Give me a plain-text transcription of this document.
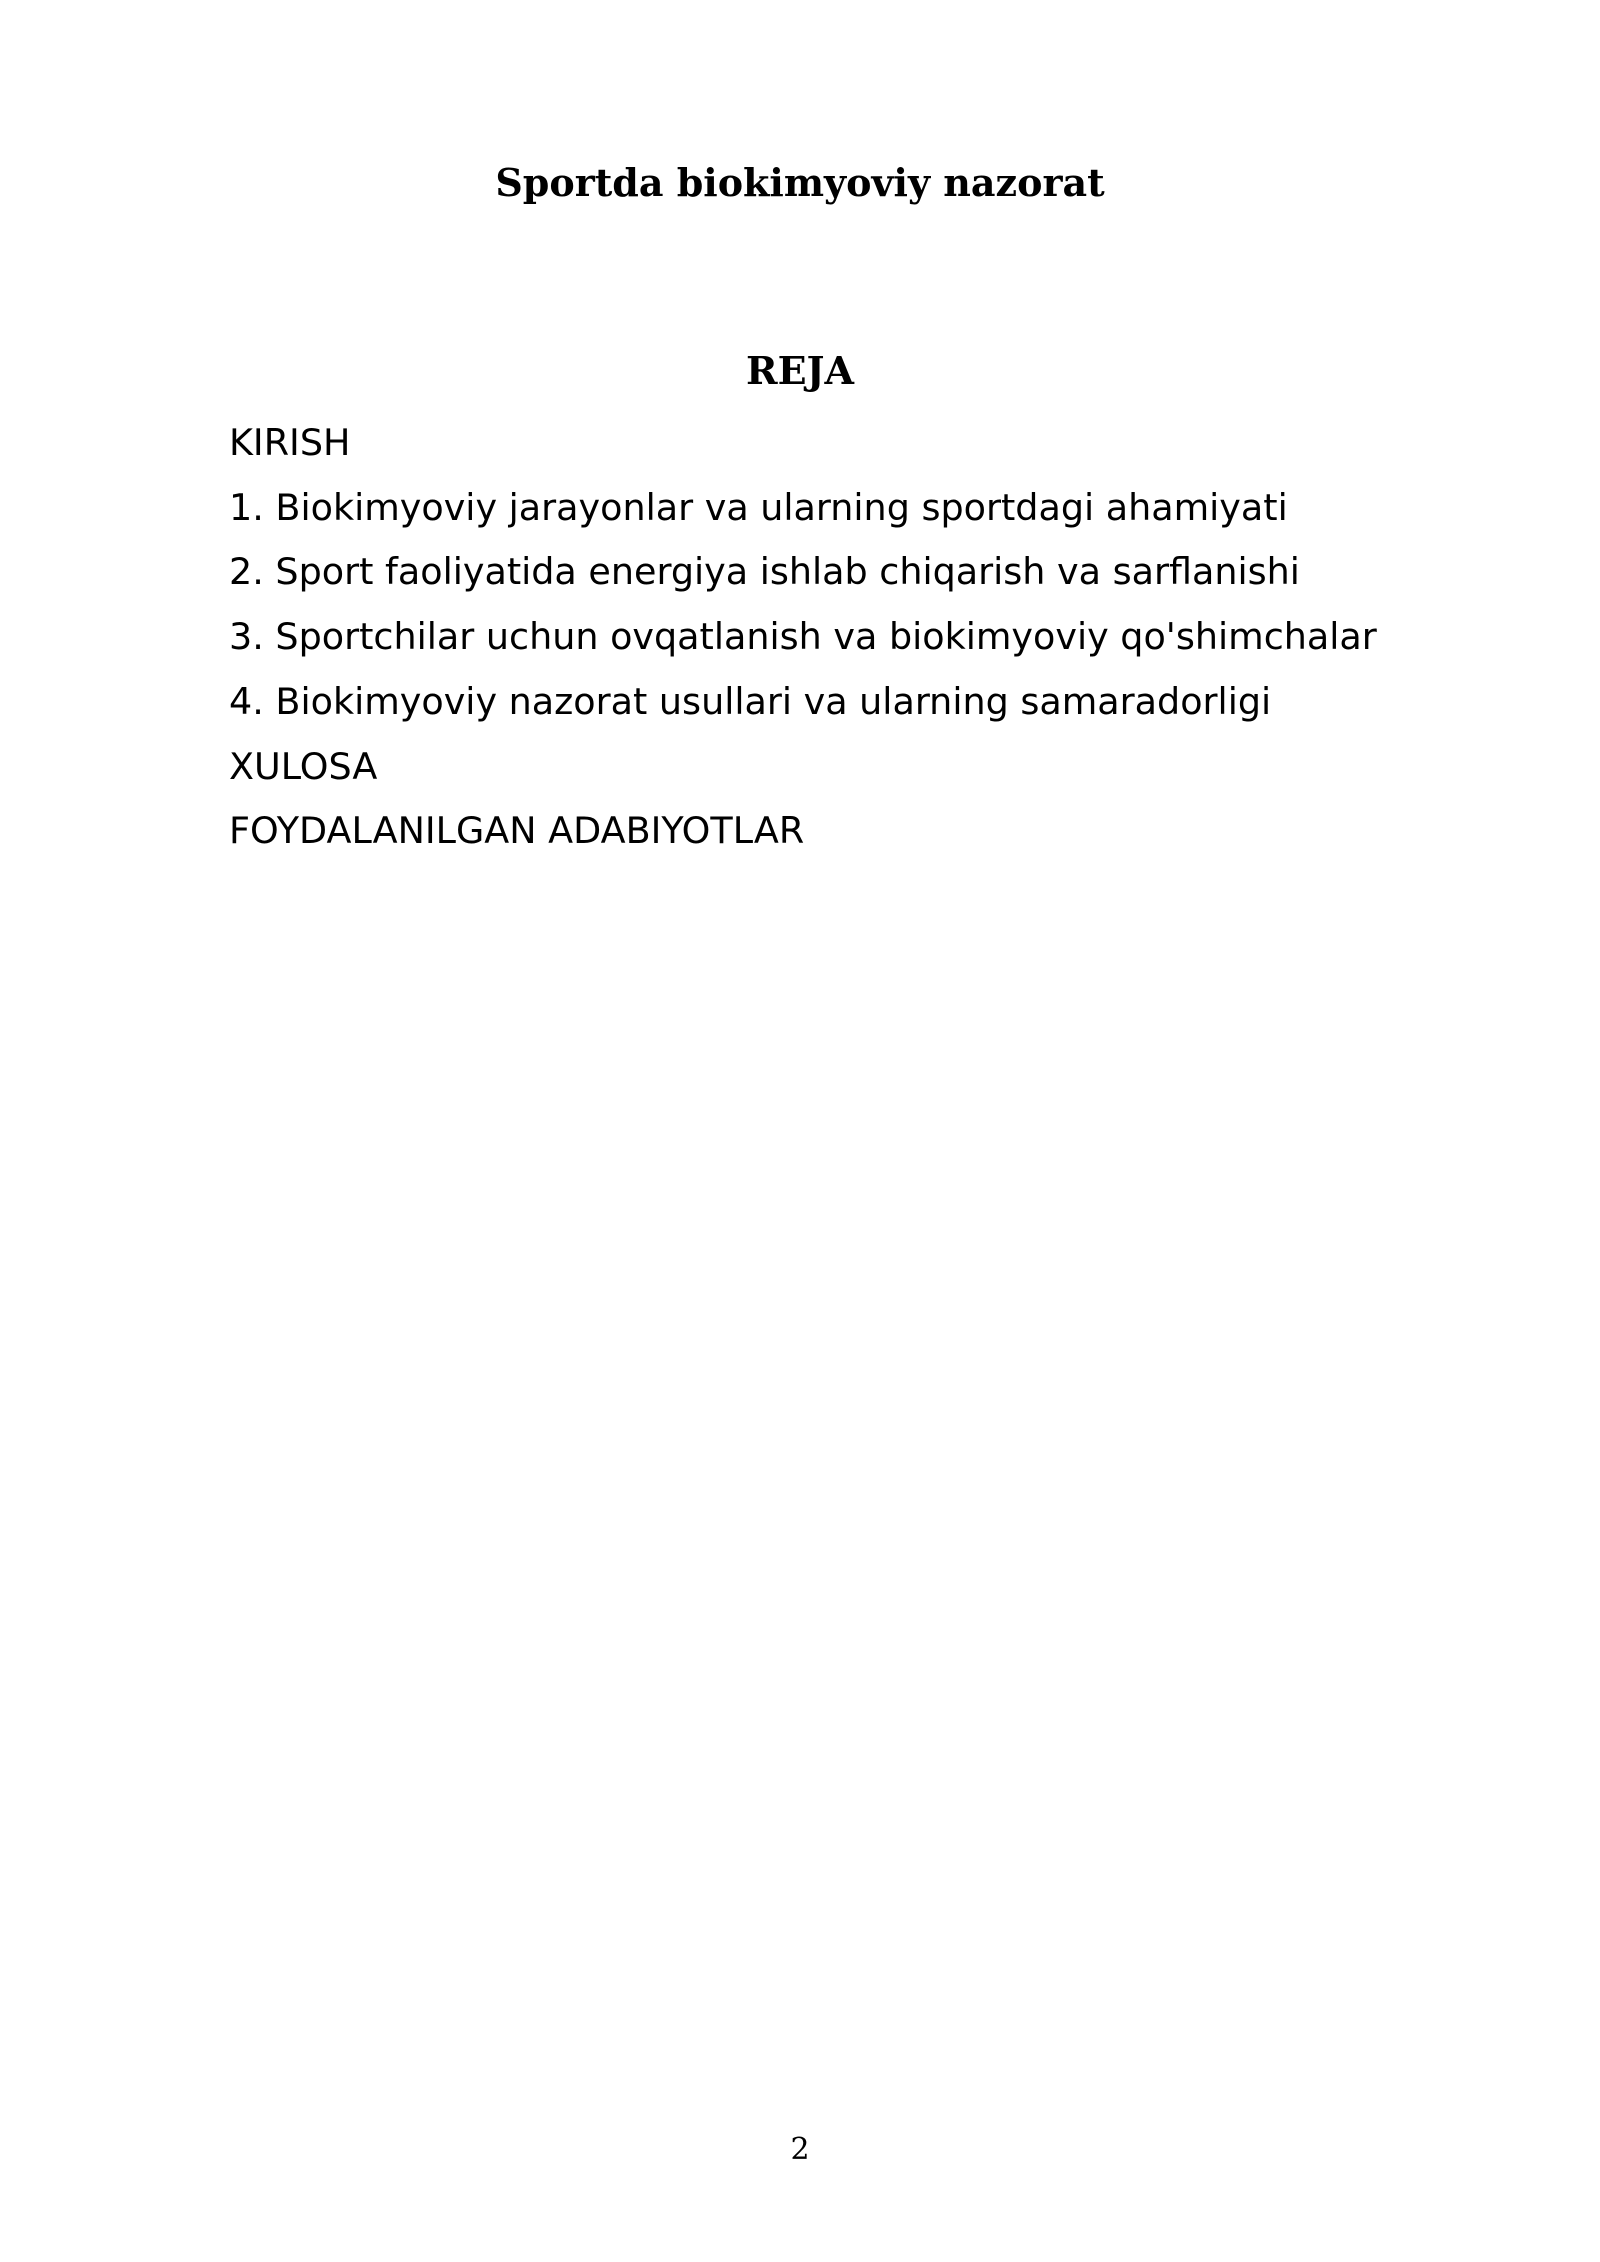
Sportda biokimyoviy nazorat
REJA
KIRISH
1. Biokimyoviy jarayonlar va ularning sportdagi ahamiyati
2. Sport faoliyatida energiya ishlab chiqarish va sarflanishi
3. Sportchilar uchun ovqatlanish va biokimyoviy qo'shimchalar
4. Biokimyoviy nazorat usullari va ularning samaradorligi
XULOSA
FOYDALANILGAN ADABIYOTLAR
2
